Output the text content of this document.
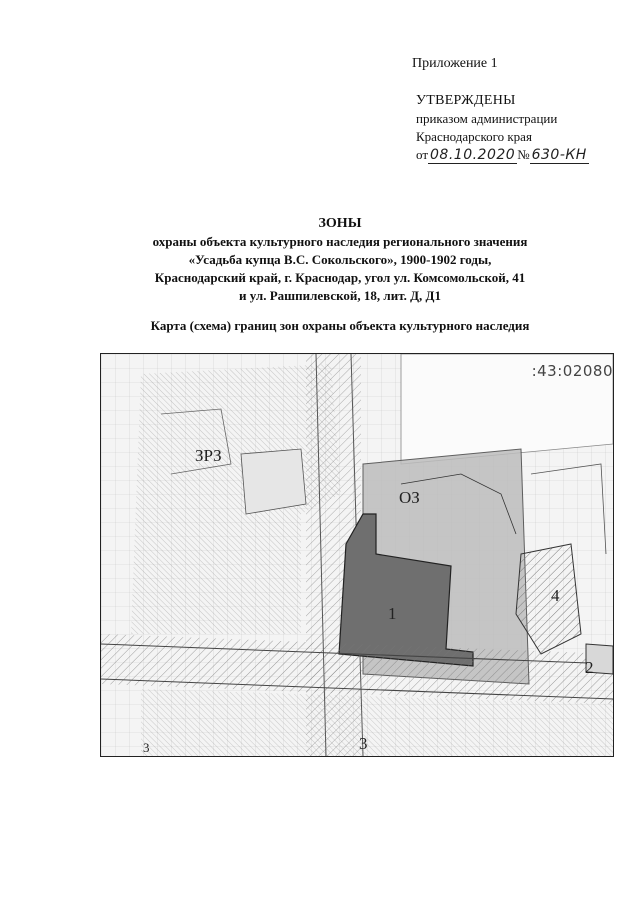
Приложение 1
УТВЕРЖДЕНЫ
приказом администрации
Краснодарского края
от 08.10.2020 № 630-КН
ЗОНЫ
охраны объекта культурного наследия регионального значения
«Усадьба купца В.С. Сокольского», 1900-1902 годы,
Краснодарский край, г. Краснодар, угол ул. Комсомольской, 41
и ул. Рашпилевской, 18, лит. Д, Д1
Карта (схема) границ зон охраны объекта культурного наследия
:43:02080
ЗРЗ
ОЗ
1
4
2
3
3
